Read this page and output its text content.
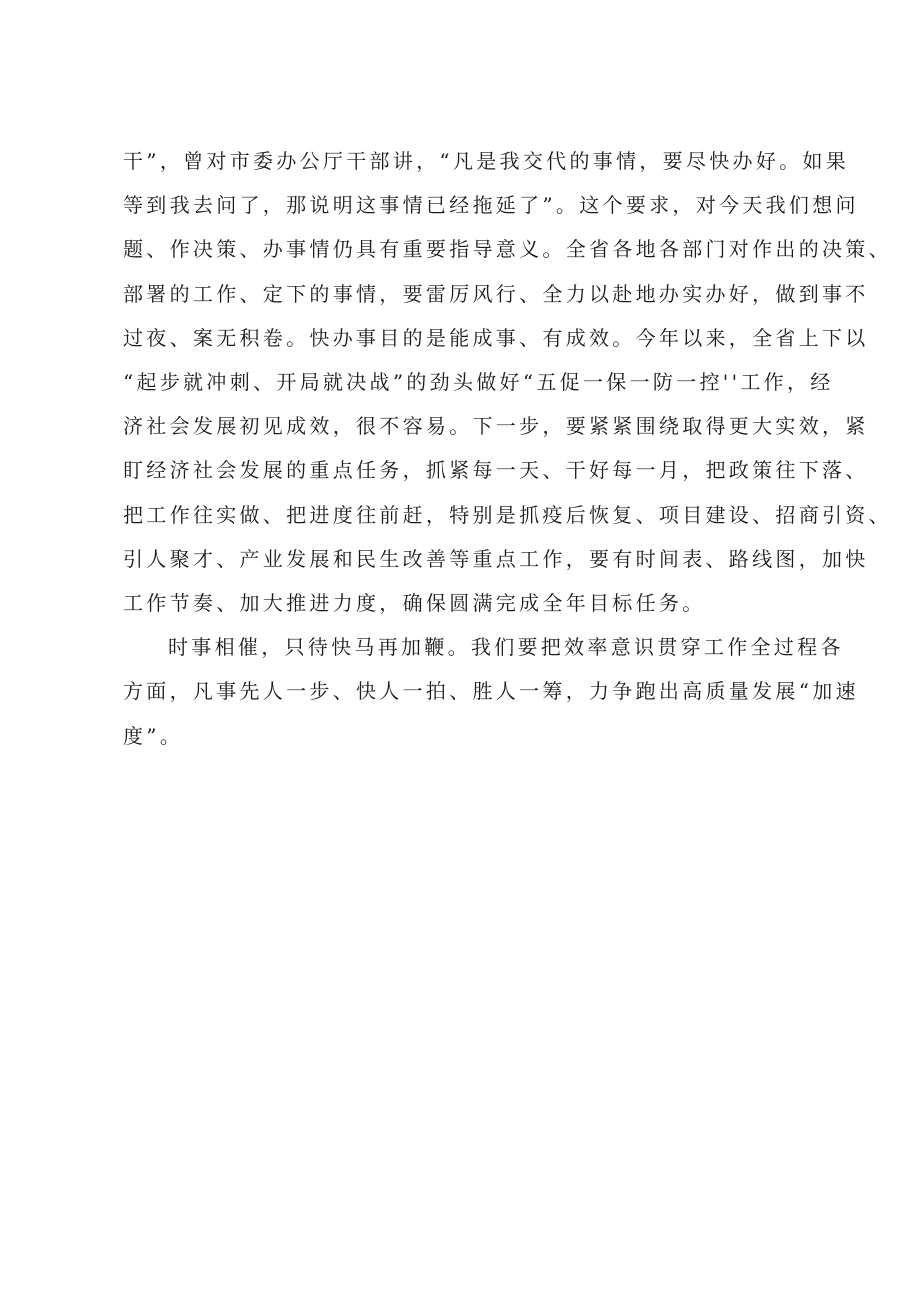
干”，曾对市委办公厅干部讲，“凡是我交代的事情，要尽快办好。如果
等到我去问了，那说明这事情已经拖延了”。这个要求，对今天我们想问
题、作决策、办事情仍具有重要指导意义。全省各地各部门对作出的决策、
部署的工作、定下的事情，要雷厉风行、全力以赴地办实办好，做到事不
过夜、案无积卷。快办事目的是能成事、有成效。今年以来，全省上下以
“起步就冲刺、开局就决战”的劲头做好“五促一保一防一控''工作，经
济社会发展初见成效，很不容易。下一步，要紧紧围绕取得更大实效，紧
盯经济社会发展的重点任务，抓紧每一天、干好每一月，把政策往下落、
把工作往实做、把进度往前赶，特别是抓疫后恢复、项目建设、招商引资、
引人聚才、产业发展和民生改善等重点工作，要有时间表、路线图，加快
工作节奏、加大推进力度，确保圆满完成全年目标任务。
时事相催，只待快马再加鞭。我们要把效率意识贯穿工作全过程各
方面，凡事先人一步、快人一拍、胜人一筹，力争跑出高质量发展“加速
度”。
